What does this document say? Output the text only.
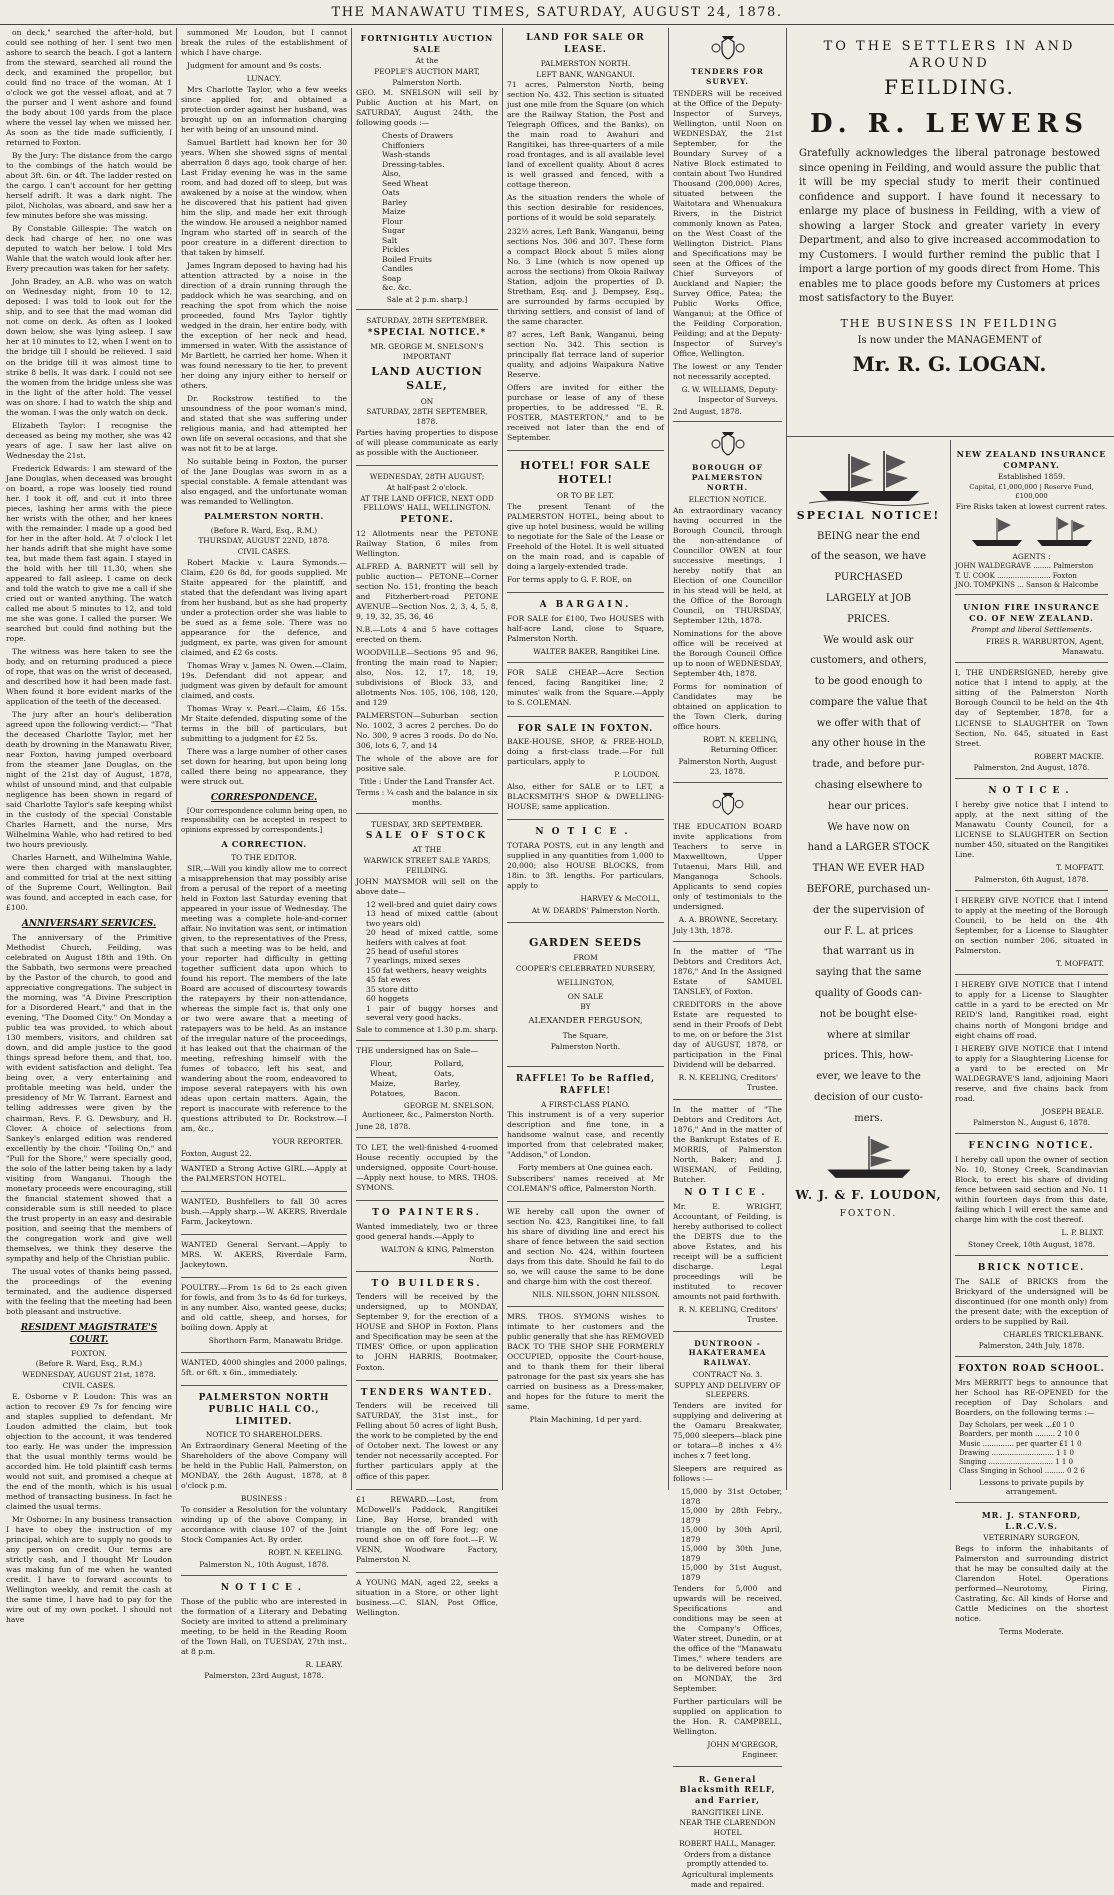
THE MANAWATU TIMES, SATURDAY, AUGUST 24, 1878.

on deck," searched the after-hold, but could see nothing of her. I sent two men ashore to search the beach. I got a lantern from the steward, searched all round the deck, and examined the propellor, but could find no trace of the woman. At 1 o'clock we got the vessel afloat, and at 7 the purser and I went ashore and found the body about 100 yards from the place where the vessel lay when we missed her. As soon as the tide made sufficiently, I returned to Foxton.

By the Jury: The distance from the cargo to the combings of the hatch would be about 3ft. 6in. or 4ft. The ladder rested on the cargo. I can't account for her getting herself adrift. It was a dark night. The pilot, Nicholas, was aboard, and saw her a few minutes before she was missing.

By Constable Gillespie: The watch on deck had charge of her, no one was deputed to watch her below. I told Mrs Wahle that the watch would look after her. Every precaution was taken for her safety.

John Bradey, an A.B. who was on watch on Wednesday night, from 10 to 12, deposed: I was told to look out for the ship, and to see that the mad woman did not come on deck. As often as I looked down below, she was lying asleep. I saw her at 10 minutes to 12, when I went on to the bridge till I should be relieved. I said on the bridge till it was almost time to strike 8 bells. It was dark. I could not see the women from the bridge unless she was in the light of the after hold. The vessel was on shore. I had to watch the ship and the woman. I was the only watch on deck.

Elizabeth Taylor: I recognise the deceased as being my mother, she was 42 years of age. I saw her last alive on Wednesday the 21st.

Frederick Edwards: I am steward of the Jane Douglas, when deceased was brought on board, a rope was loosely tied round her. I took it off, and cut it into three pieces, lashing her arms with the piece her wrists with the other, and her knees with the remainder. I made up a good bed for her in the after hold. At 7 o'clock I let her hands adrift that she might have some tea, but made them fast again. I stayed in the hold with her till 11.30, when she appeared to fall asleep. I came on deck and told the watch to give me a call if she cried out or wanted anything. The watch called me about 5 minutes to 12, and told me she was gone. I called the purser. We searched but could find nothing but the rope.

The witness was here taken to see the body, and on returning produced a piece of rope, that was on the wrist of deceased, and described how it had been made fast. When found it bore evident marks of the application of the teeth of the deceased.

The jury after an hour's deliberation agreed upon the following verdict:— "That the deceased Charlotte Taylor, met her death by drowning in the Manawatu River, near Foxton, having jumped overboard from the steamer Jane Douglas, on the night of the 21st day of August, 1878, whilst of unsound mind, and that culpable negligence has been shown in regard of said Charlotte Taylor's safe keeping whilst in the custody of the special Constable Charles Harnett, and the nurse, Mrs Wilhelmina Wahle, who had retired to bed two hours previously.

Charles Harnett, and Wilhelmina Wahle, were then charged with manslaughter, and committed for trial at the next sitting of the Supreme Court, Wellington. Bail was found, and accepted in each case, for £100.

ANNIVERSARY SERVICES.

The anniversary of the Primitive Methodist Church, Feilding, was celebrated on August 18th and 19th. On the Sabbath, two sermons were preached by the Pastor of the church, to good and appreciative congregations. The subject in the morning, was "A Divine Prescription for a Disordered Heart," and that in the evening, "The Doomed City." On Monday a public tea was provided, to which about 130 members, visitors, and children sat down, and did ample justice to the good things spread before them, and that, too, with evident satisfaction and delight. Tea being over, a very entertaining and profitable meeting was held, under the presidency of Mr W. Tarrant. Earnest and telling addresses were given by the chairman, Revs. F. G. Dewsbury, and H. Clover. A choice of selections from Sankey's enlarged edition was rendered excellently by the choir. "Toiling On," and "Pull for the Shore," were specially good, the solo of the latter being taken by a lady visiting from Wanganui. Though the monetary proceeds were encouraging, still the financial statement showed that a considerable sum is still needed to place the trust property in an easy and desirable position, and seeing that the members of the congregation work and give well themselves, we think they deserve the sympathy and help of the Christian public.

The usual votes of thanks being passed, the proceedings of the evening terminated, and the audience dispersed with the feeling that the meeting had been both pleasant and instructive.

RESIDENT MAGISTRATE'S COURT.
FOXTON.
(Before R. Ward, Esq., R.M.)
WEDNESDAY, AUGUST 21st, 1878.
CIVIL CASES.

E. Osborne v P. Loudon: This was an action to recover £9 7s for fencing wire and staples supplied to defendant. Mr Loudon admitted the claim, but took objection to the account, it was tendered too early. He was under the impression that the usual monthly terms would be accorded him. He told plaintiff cash terms would not suit, and promised a cheque at the end of the month, which is his usual method of transacting business. In fact he claimed the usual terms.

Mr Osborne: In any business transaction I have to obey the instruction of my principal, which are to supply no goods to any person on credit. Our terms are strictly cash, and I thought Mr Loudon was making fun of me when he wanted credit. I have to forward accounts to Wellington weekly, and remit the cash at the same time, I have had to pay for the wire out of my own pocket. I should not have

summoned Mr Loudon, but I cannot break the rules of the establishment of which I have charge.

Judgment for amount and 9s costs.

LUNACY.

Mrs Charlotte Taylor, who a few weeks since applied for, and obtained a protection order against her husband, was brought up on an information charging her with being of an unsound mind.

Samuel Bartlett had known her for 30 years. When she showed signs of mental aberration 8 days ago, took charge of her. Last Friday evening he was in the same room, and had dozed off to sleep, but was awakened by a noise at the window, when he discovered that his patient had given him the slip, and made her exit through the window. He aroused a neighbor named Ingram who started off in search of the poor creature in a different direction to that taken by himself.

James Ingram deposed to having had his attention attracted by a noise in the direction of a drain running through the paddock which he was searching, and on reaching the spot from which the noise proceeded, found Mrs Taylor tightly wedged in the drain, her entire body, with the exception of her neck and head, immersed in water. With the assistance of Mr Bartlett, he carried her home. When it was found necessary to tie her, to prevent her doing any injury either to herself or others.

Dr. Rockstrow testified to the unsoundness of the poor woman's mind, and stated that she was suffering under religious mania, and had attempted her own life on several occasions, and that she was not fit to be at large.

No suitable being in Foxton, the purser of the Jane Douglas was sworn in as a special constable. A female attendant was also engaged, and the unfortunate woman was remanded to Wellington.

PALMERSTON NORTH.
(Before R. Ward, Esq., R.M.)
THURSDAY, AUGUST 22ND, 1878.
CIVIL CASES.

Robert Mackie v. Laura Symonds.—Claim, £20 6s 8d, for goods supplied. Mr Staite appeared for the plaintiff, and stated that the defendant was living apart from her husband, but as she had property under a protection order she was liable to be sued as a feme sole. There was no appearance for the defence, and judgment, ex parte, was given for amount claimed, and £2 6s costs.

Thomas Wray v. James N. Owen.—Claim, 19s. Defendant did not appear, and judgment was given by default for amount claimed, and costs.

Thomas Wray v. Pearl.—Claim, £6 15s. Mr Staite defended, disputing some of the terms in the bill of particulars, but submitting to a judgment for £2 5s.

There was a large number of other cases set down for hearing, but upon being long called there being no appearance, they were struck out.

CORRESPONDENCE.

[Our correspondence column being open, no responsibility can be accepted in respect to opinions expressed by correspondents.]

A CORRECTION.
TO THE EDITOR.

SIR,—Will you kindly allow me to correct a misapprehension that may possibly arise from a perusal of the report of a meeting held in Foxton last Saturday evening that appeared in your issue of Wednesday. The meeting was a complete hole-and-corner affair. No invitation was sent, or intimation given, to the representatives of the Press, that such a meeting was to be held, and your reporter had difficulty in getting together sufficient data upon which to found his report. The members of the late Board are accused of discourtesy towards the ratepayers by their non-attendance, whereas the simple fact is, that only one or two were aware that a meeting of ratepayers was to be held. As an instance of the irregular nature of the proceedings, it has leaked out that the chairman of the meeting, refreshing himself with the fumes of tobacco, left his seat, and wandering about the room, endeavored to impose several ratepayers with his own ideas upon certain matters. Again, the report is inaccurate with reference to the questions attributed to Dr. Rockstrow.—I am, &c.,

YOUR REPORTER.
Foxton, August 22.

WANTED a Strong Active GIRL.—Apply at the PALMERSTON HOTEL.

WANTED, Bushfellers to fall 30 acres bush.—Apply sharp.—W. AKERS, Riverdale Farm, Jackeytown.

WANTED General Servant.—Apply to MRS. W. AKERS, Riverdale Farm, Jackeytown.

POULTRY.—From 1s 6d to 2s each given for fowls, and from 3s to 4s 6d for turkeys, in any number. Also, wanted geese, ducks; and old cattle, sheep, and horses, for boiling down. Apply at

Shorthorn Farm, Manawatu Bridge.

WANTED, 4000 shingles and 2000 palings, 5ft. or 6ft. x 6in., immediately.

PALMERSTON NORTH PUBLIC HALL CO., LIMITED.
NOTICE TO SHAREHOLDERS.

An Extraordinary General Meeting of the Shareholders of the above Company will be held in the Public Hall, Palmerston, on MONDAY, the 26th August, 1878, at 8 o'clock p.m.

BUSINESS :

To consider a Resolution for the voluntary winding up of the above Company, in accordance with clause 107 of the Joint Stock Companies Act. By order.

ROBT. N. KEELING.
Palmerston N., 10th August, 1878.
NOTICE.

Those of the public who are interested in the formation of a Literary and Debating Society are invited to attend a preliminary meeting, to be held in the Reading Room of the Town Hall, on TUESDAY, 27th inst., at 8 p.m.

R. LEARY.
Palmerston, 23rd August, 1878.
FORTNIGHTLY AUCTION SALE
At the
PEOPLE'S AUCTION MART,
Palmerston North.

GEO. M. SNELSON will sell by Public Auction at his Mart, on SATURDAY, August 24th, the following goods :—

Chests of Drawers
Chiffoniers
Wash-stands
Dressing-tables.
Also,
Seed Wheat
Oats
Barley
Maize
Flour
Sugar
Salt
Pickles
Boiled Fruits
Candles
Soap
&c. &c.
Sale at 2 p.m. sharp.]
SATURDAY, 28TH SEPTEMBER.
*SPECIAL NOTICE.*
MR. GEORGE M. SNELSON'S IMPORTANT
LAND AUCTION SALE,
ON
SATURDAY, 28TH SEPTEMBER, 1878.

Parties having properties to dispose of will please communicate as early as possible with the Auctioneer.

WEDNESDAY, 28TH AUGUST;
At half-past 2 o'clock.
AT THE LAND OFFICE, NEXT ODD FELLOWS' HALL, WELLINGTON.
PETONE.

12 Allotments near the PETONE Railway Station, 6 miles from Wellington.

ALFRED A. BARNETT will sell by public auction— PETONE—Corner section No. 151, fronting the beach and Fitzherbert-road PETONE AVENUE—Section Nos. 2, 3, 4, 5, 8, 9, 19, 32, 35, 36, 46

N.B.—Lots 4 and 5 have cottages erected on them.

WOODVILLE—Sections 95 and 96, fronting the main road to Napier; also, Nos. 12, 17, 18, 19, subdivisions of Block 33, and allotments Nos. 105, 106, 108, 120, and 129

PALMERSTON—Suburban section No. 1002, 3 acres 2 perches. Do do No. 300, 9 acres 3 roods. Do do No. 306, lots 6, 7, and 14

The whole of the above are for positive sale.

Title : Under the Land Transfer Act.
Terms : ¼ cash and the balance in six months.
TUESDAY, 3RD SEPTEMBER.
SALE OF STOCK
AT THE
WARWICK STREET SALE YARDS, FEILDING.

JOHN MAYSMOR will sell on the above date—

12 well-bred and quiet dairy cows
13 head of mixed cattle (about two years old)
20 head of mixed cattle, some heifers with calves at foot
25 head of useful stores
7 yearlings, mixed sexes
150 fat wethers, heavy weights
45 fat ewes
35 store ditto
60 hoggets
1 pair of buggy horses and several very good hacks.
Sale to commence at 1.30 p.m. sharp.

THE undersigned has on Sale—

Flour,	Pollard,
Wheat,	Oats,
Maize,	Barley,
Potatoes,	Bacon.
GEORGE M. SNELSON, Auctioneer, &c., Palmerston North.
June 28, 1878.

TO LET, the well-finished 4-roomed House recently occupied by the undersigned, opposite Court-house.—Apply next house, to MRS. THOS. SYMONS.

TO PAINTERS.

Wanted immediately, two or three good general hands.—Apply to

WALTON & KING, Palmerston North.
TO BUILDERS.

Tenders will be received by the undersigned, up to MONDAY, September 9, for the erection of a HOUSE and SHOP in Foxton. Plans and Specification may be seen at the TIMES' Office, or upon application to JOHN HARRIS, Bootmaker, Foxton.

TENDERS WANTED.

Tenders will be received till SATURDAY, the 31st inst., for Felling about 50 acres of light Bush, the work to be completed by the end of October next. The lowest or any tender not necessarily accepted. For further particulars apply at the office of this paper.

£1 REWARD.—Lost, from McDowell's Paddock, Rangitikei Line, Bay Horse, branded with triangle on the off Fore leg; one round shoe on off fore foot.—F. W. VENN, Woodware Factory, Palmerston N.

A YOUNG MAN, aged 22, seeks a situation in a Store, or other light business.—C. SIAN, Post Office, Wellington.

LAND FOR SALE OR LEASE.
PALMERSTON NORTH.
LEFT BANK, WANGANUI.

71 acres, Palmerston North, being section No. 432. This section is situated just one mile from the Square (on which are the Railway Station, the Post and Telegraph Offices, and the Banks), on the main road to Awahuri and Rangitikei, has three-quarters of a mile road frontages, and is all available level land of excellent quality. About 8 acres is well grassed and fenced, with a cottage thereon.

As the situation renders the whole of this section desirable for residences, portions of it would be sold separately.

232½ acres, Left Bank, Wanganui, being sections Nos. 306 and 307. These form a compact Block about 5 miles along No. 3 Line (which is now opened up across the sections) from Okoia Railway Station, adjoin the properties of D. Stretham, Esq. and J. Dempsey, Esq., are surrounded by farms occupied by thriving settlers, and consist of land of the same character.

87 acres, Left Bank, Wanganui, being section No. 342. This section is principally flat terrace land of superior quality, and adjoins Waipakura Native Reserve.

Offers are invited for either the purchase or lease of any of these properties, to be addressed "E. R. FOSTER, MASTERTON," and to be received not later than the end of September.

HOTEL! FOR SALE HOTEL!
OR TO BE LET.

The present Tenant of the PALMERSTON HOTEL, being about to give up hotel business, would be willing to negotiate for the Sale of the Lease or Freehold of the Hotel. It is well situated on the main road, and is capable of doing a largely-extended trade.

For terms apply to G. F. ROE, on

A BARGAIN.

FOR SALE for £100, Two HOUSES with half-acre Land, close to Square, Palmerston North.

WALTER BAKER, Rangitikei Line.

FOR SALE CHEAP.—Acre Section fenced, facing Rangitikei line; 2 minutes' walk from the Square.—Apply to S. COLEMAN.

FOR SALE IN FOXTON.

BAKE-HOUSE, SHOP, & FREE-HOLD, doing a first-class trade.—For full particulars, apply to

P. LOUDON.

Also, either for SALE or to LET, a BLACKSMITH'S SHOP & DWELLING-HOUSE; same application.

NOTICE.

TOTARA POSTS, cut in any length and supplied in any quantities from 1,000 to 20,000; also HOUSE BLOCKS, from 18in. to 3ft. lengths. For particulars, apply to

HARVEY & McCOLL,
At W. DEARDS' Palmerston North.
GARDEN SEEDS
FROM
COOPER'S CELEBRATED NURSERY,
WELLINGTON,
ON SALE
BY
ALEXANDER FERGUSON,
The Square,
Palmerston North.
RAFFLE! To be Raffled, RAFFLE!
A FIRST-CLASS PIANO.

This instrument is of a very superior description and fine tone, in a handsome walnut case, and recently imported from that celebrated maker, "Addison," of London.

Forty members at One guinea each.

Subscribers' names received at Mr COLEMAN'S office, Palmerston North.

WE hereby call upon the owner of section No. 423, Rangitikei line, to fall his share of dividing line and erect his share of fence between the said section and section No. 424, within fourteen days from this date. Should he fail to do so, we will cause the same to be done and charge him with the cost thereof.

NILS. NILSSON, JOHN NILSSON.

MRS. THOS. SYMONS wishes to intimate to her customers and the public generally that she has REMOVED BACK TO THE SHOP SHE FORMERLY OCCUPIED, opposite the Court-house, and to thank them for their liberal patronage for the past six years she has carried on business as a Dress-maker, and hopes for the future to merit the same.

Plain Machining, 1d per yard.
TENDERS FOR SURVEY.

TENDERS will be received at the Office of the Deputy-Inspector of Surveys, Wellington, until Noon on WEDNESDAY, the 21st September, for the Boundary Survey of a Native Block estimated to contain about Two Hundred Thousand (200,000) Acres, situated between the Waitotara and Whenuakura Rivers, in the District commonly known as Patea, on the West Coast of the Wellington District. Plans and Specifications may be seen at the Offices of the Chief Surveyors of Auckland and Napier; the Survey Office, Patea; the Public Works Office, Wanganui; at the Office of the Feilding Corporation, Feilding; and at the Deputy-Inspector of Survey's Office, Wellington.

The lowest or any Tender not necessarily accepted.

G. W. WILLIAMS, Deputy-Inspector of Surveys.
2nd August, 1878.
BOROUGH OF PALMERSTON NORTH.
ELECTION NOTICE.

An extraordinary vacancy having occurred in the Borough Council, through the non-attendance of Councillor OWEN at four successive meetings, I hereby notify that an Election of one Councillor in his stead will be held, at the Office of the Borough Council, on THURSDAY, September 12th, 1878.

Nominations for the above office will be received at the Borough Council Office up to noon of WEDNESDAY, September 4th, 1878.

Forms for nomination of Candidates may be obtained on application to the Town Clerk, during office hours.

ROBT. N. KEELING, Returning Officer.
Palmerston North, August 23, 1878.

THE EDUCATION BOARD invite applications from Teachers to serve in Maxwelltown, Upper Tutaenui, Mars Hill, and Manganoga Schools. Applicants to send copies only of testimonials to the undersigned.

A. A. BROWNE, Secretary.
July 13th, 1878.

In the matter of "The Debtors and Creditors Act, 1876," And In the Assigned Estate of SAMUEL TANSLEY, of Foxton.

CREDITORS in the above Estate are requested to send in their Proofs of Debt to me, on or before the 31st day of AUGUST, 1878, or participation in the Final Dividend will be debarred.

R. N. KEELING, Creditors' Trustee.

In the matter of "The Debtors and Creditors Act, 1876," And in the matter of the Bankrupt Estates of E. MORRIS, of Palmerston North, Baker; and J. WISEMAN, of Feilding, Butcher.

NOTICE.

Mr. E. WRIGHT, Accountant, of Feilding, is hereby authorised to collect the DEBTS due to the above Estates, and his receipt will be a sufficient discharge. Legal proceedings will be instituted to recover amounts not paid forthwith.

R. N. KEELING, Creditors' Trustee.
DUNTROON - HAKATERAMEA RAILWAY.
CONTRACT No. 3.
SUPPLY AND DELIVERY OF SLEEPERS.

Tenders are invited for supplying and delivering at the Oamaru Breakwater, 75,000 sleepers—black pine or totara—8 inches x 4½ inches x 7 feet long.

Sleepers are required as follows :—

15,000 by 31st October, 1878
15,000 by 28th Febry., 1879
15,000 by 30th April, 1879
15,000 by 30th June, 1879
15,000 by 31st August, 1879

Tenders for 5,000 and upwards will be received. Specifications and conditions may be seen at the Company's Offices, Water street, Dunedin, or at the office of the "Manawatu Times," where tenders are to be delivered before noon on MONDAY, the 3rd September.

Further particulars will be supplied on application to the Hon. R. CAMPBELL, Wellington.

JOHN M'GREGOR, Engineer.
R. General Blacksmith RELF, and Farrier,
RANGITIKEI LINE.
NEAR THE CLARENDON HOTEL
ROBERT HALL, Manager.
Orders from a distance promptly attended to.
Agricultural implements made and repaired.
TO THE SETTLERS IN AND AROUND
FEILDING.
D. R. LEWERS
Gratefully acknowledges the liberal patronage bestowed since opening in Feilding, and would assure the public that it will be my special study to merit their continued confidence and support. I have found it necessary to enlarge my place of business in Feilding, with a view of showing a larger Stock and greater variety in every Department, and also to give increased accommodation to my Customers. I would further remind the public that I import a large portion of my goods direct from Home. This enables me to place goods before my Customers at prices most satisfactory to the Buyer.
THE BUSINESS IN FEILDING
Is now under the MANAGEMENT of
Mr. R. G. LOGAN.
SPECIAL NOTICE!
BEING near the end
of the season, we have
PURCHASED
LARGELY at JOB
PRICES.
We would ask our
customers, and others,
to be good enough to
compare the value that
we offer with that of
any other house in the
trade, and before pur-
chasing elsewhere to
hear our prices.
We have now on
hand a LARGER STOCK
THAN WE EVER HAD
BEFORE, purchased un-
der the supervision of
our F. L. at prices
that warrant us in
saying that the same
quality of Goods can-
not be bought else-
where at similar
prices. This, how-
ever, we leave to the
decision of our custo-
mers.
W. J. & F. LOUDON,
FOXTON.
NEW ZEALAND INSURANCE COMPANY.
Established 1859.
Capital, £1,000,000 | Reserve Fund, £100,000
Fire Risks taken at lowest current rates.
AGENTS :
JOHN WALDEGRAVE ........ Palmerston
T. U. COOK ........................ Foxton
JNO. TOMPKINS ... Sanson & Halcombe
UNION FIRE INSURANCE CO. OF NEW ZEALAND.
Prompt and liberal Settlements.
FIRES R. WARBURTON, Agent, Manawatu.

I, THE UNDERSIGNED, hereby give notice that I intend to apply, at the sitting of the Palmerston North Borough Council to be held on the 4th day of September, 1878, for a LICENSE to SLAUGHTER on Town Section, No. 645, situated in East Street.

ROBERT MACKIE.
Palmerston, 2nd August, 1878.
NOTICE.

I hereby give notice that I intend to apply, at the next sitting of the Manawatu County Council, for a LICENSE to SLAUGHTER on Section number 450, situated on the Rangitikei Line.

T. MOFFATT.
Palmerston, 6th August, 1878.

I HEREBY GIVE NOTICE that I intend to apply at the meeting of the Borough Council, to be held on the 4th September, for a License to Slaughter on section number 206, situated in Palmerston.

T. MOFFATT.

I HEREBY GIVE NOTICE that I intend to apply for a License to Slaughter cattle in a yard to be erected on Mr REID'S land, Rangitikei road, eight chains north of Mongoni bridge and eight chains off road.

I HEREBY GIVE NOTICE that I intend to apply for a Slaughtering License for a yard to be erected on Mr WALDEGRAVE'S land, adjoining Maori reserve, and five chains back from road.

JOSEPH BEALE.
Palmerston N., August 6, 1878.
FENCING NOTICE.

I hereby call upon the owner of section No. 10, Stoney Creek, Scandinavian Block, to erect his share of dividing fence between said section and No. 11 within fourteen days from this date, failing which I will erect the same and charge him with the cost thereof.

L. P. BLIXT.
Stoney Creek, 10th August, 1878.
BRICK NOTICE.

The SALE of BRICKS from the Brickyard of the undersigned will be discontinued (for one month only) from the present date; with the exception of orders to be supplied by Rail.

CHARLES TRICKLEBANK.
Palmerston, 24th July, 1878.
FOXTON ROAD SCHOOL.

Mrs MERRITT begs to announce that her School has RE-OPENED for the reception of Day Scholars and Boarders, on the following terms :—

Day Scholars, per week ...£0 1 0
Boarders, per month ......... 2 10 0
Music .............. per quarter £1 1 0
Drawing ............................ 1 1 0
Singing ............................. 1 1 0
Class Singing in School ......... 0 2 6
Lessons to private pupils by arrangement.
MR. J. STANFORD, L.R.C.V.S.
VETERINARY SURGEON,

Begs to inform the inhabitants of Palmerston and surrounding district that he may be consulted daily at the Clarendon Hotel. Operations performed—Neurotomy, Firing, Castrating, &c. All kinds of Horse and Cattle Medicines on the shortest notice.

Terms Moderate.
